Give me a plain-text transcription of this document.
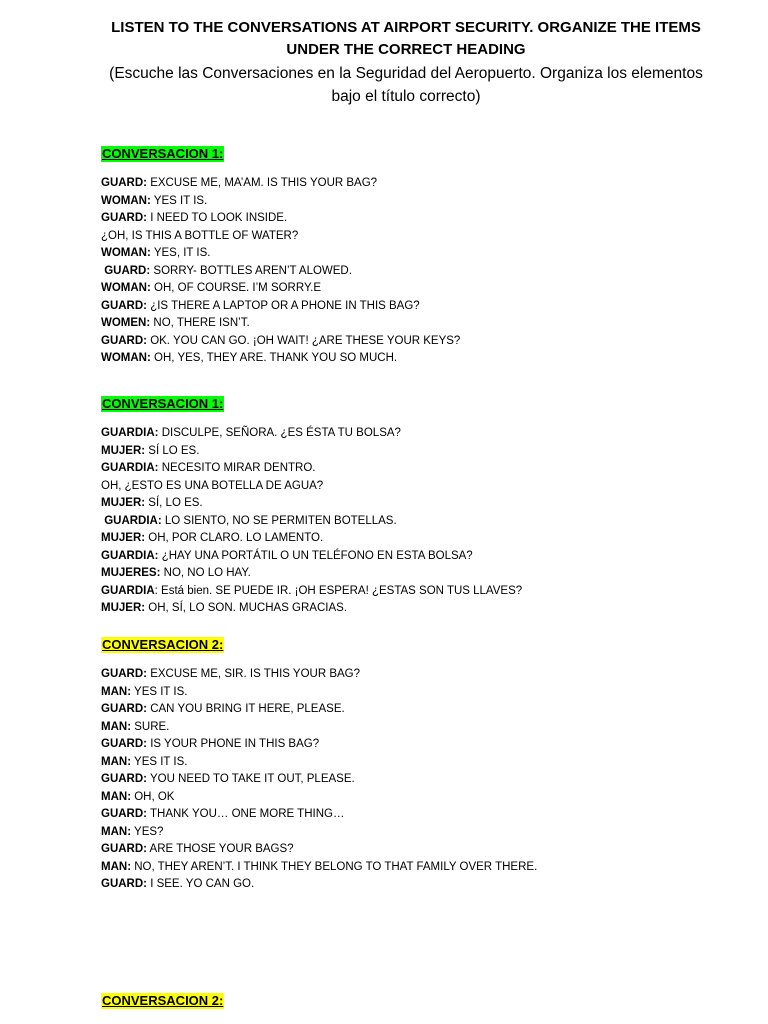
LISTEN TO THE CONVERSATIONS AT AIRPORT SECURITY. ORGANIZE THE ITEMS UNDER THE CORRECT HEADING
(Escuche las Conversaciones en la Seguridad del Aeropuerto. Organiza los elementos bajo el título correcto)
CONVERSACION 1:
GUARD: EXCUSE ME, MA’AM. IS THIS YOUR BAG?
WOMAN: YES IT IS.
GUARD: I NEED TO LOOK INSIDE.
¿OH, IS THIS A BOTTLE OF WATER?
WOMAN: YES, IT IS.
GUARD: SORRY- BOTTLES AREN’T ALOWED.
WOMAN: OH, OF COURSE. I’M SORRY.E
GUARD: ¿IS THERE A LAPTOP OR A PHONE IN THIS BAG?
WOMEN: NO, THERE ISN’T.
GUARD: OK. YOU CAN GO. ¡OH WAIT! ¿ARE THESE YOUR KEYS?
WOMAN: OH, YES, THEY ARE. THANK YOU SO MUCH.
CONVERSACION 1:
GUARDIA: DISCULPE, SEÑORA. ¿ES ÉSTA TU BOLSA?
MUJER: SÍ LO ES.
GUARDIA: NECESITO MIRAR DENTRO.
OH, ¿ESTO ES UNA BOTELLA DE AGUA?
MUJER: SÍ, LO ES.
GUARDIA: LO SIENTO, NO SE PERMITEN BOTELLAS.
MUJER: OH, POR CLARO. LO LAMENTO.
GUARDIA: ¿HAY UNA PORTÁTIL O UN TELÉFONO EN ESTA BOLSA?
MUJERES: NO, NO LO HAY.
GUARDIA: Está bien. SE PUEDE IR. ¡OH ESPERA! ¿ESTAS SON TUS LLAVES?
MUJER: OH, SÍ, LO SON. MUCHAS GRACIAS.
CONVERSACION 2:
GUARD: EXCUSE ME, SIR. IS THIS YOUR BAG?
MAN: YES IT IS.
GUARD: CAN YOU BRING IT HERE, PLEASE.
MAN: SURE.
GUARD: IS YOUR PHONE IN THIS BAG?
MAN: YES IT IS.
GUARD: YOU NEED TO TAKE IT OUT, PLEASE.
MAN: OH, OK
GUARD: THANK YOU… ONE MORE THING…
MAN: YES?
GUARD: ARE THOSE YOUR BAGS?
MAN: NO, THEY AREN’T. I THINK THEY BELONG TO THAT FAMILY OVER THERE.
GUARD: I SEE. YO CAN GO.
CONVERSACION 2:
